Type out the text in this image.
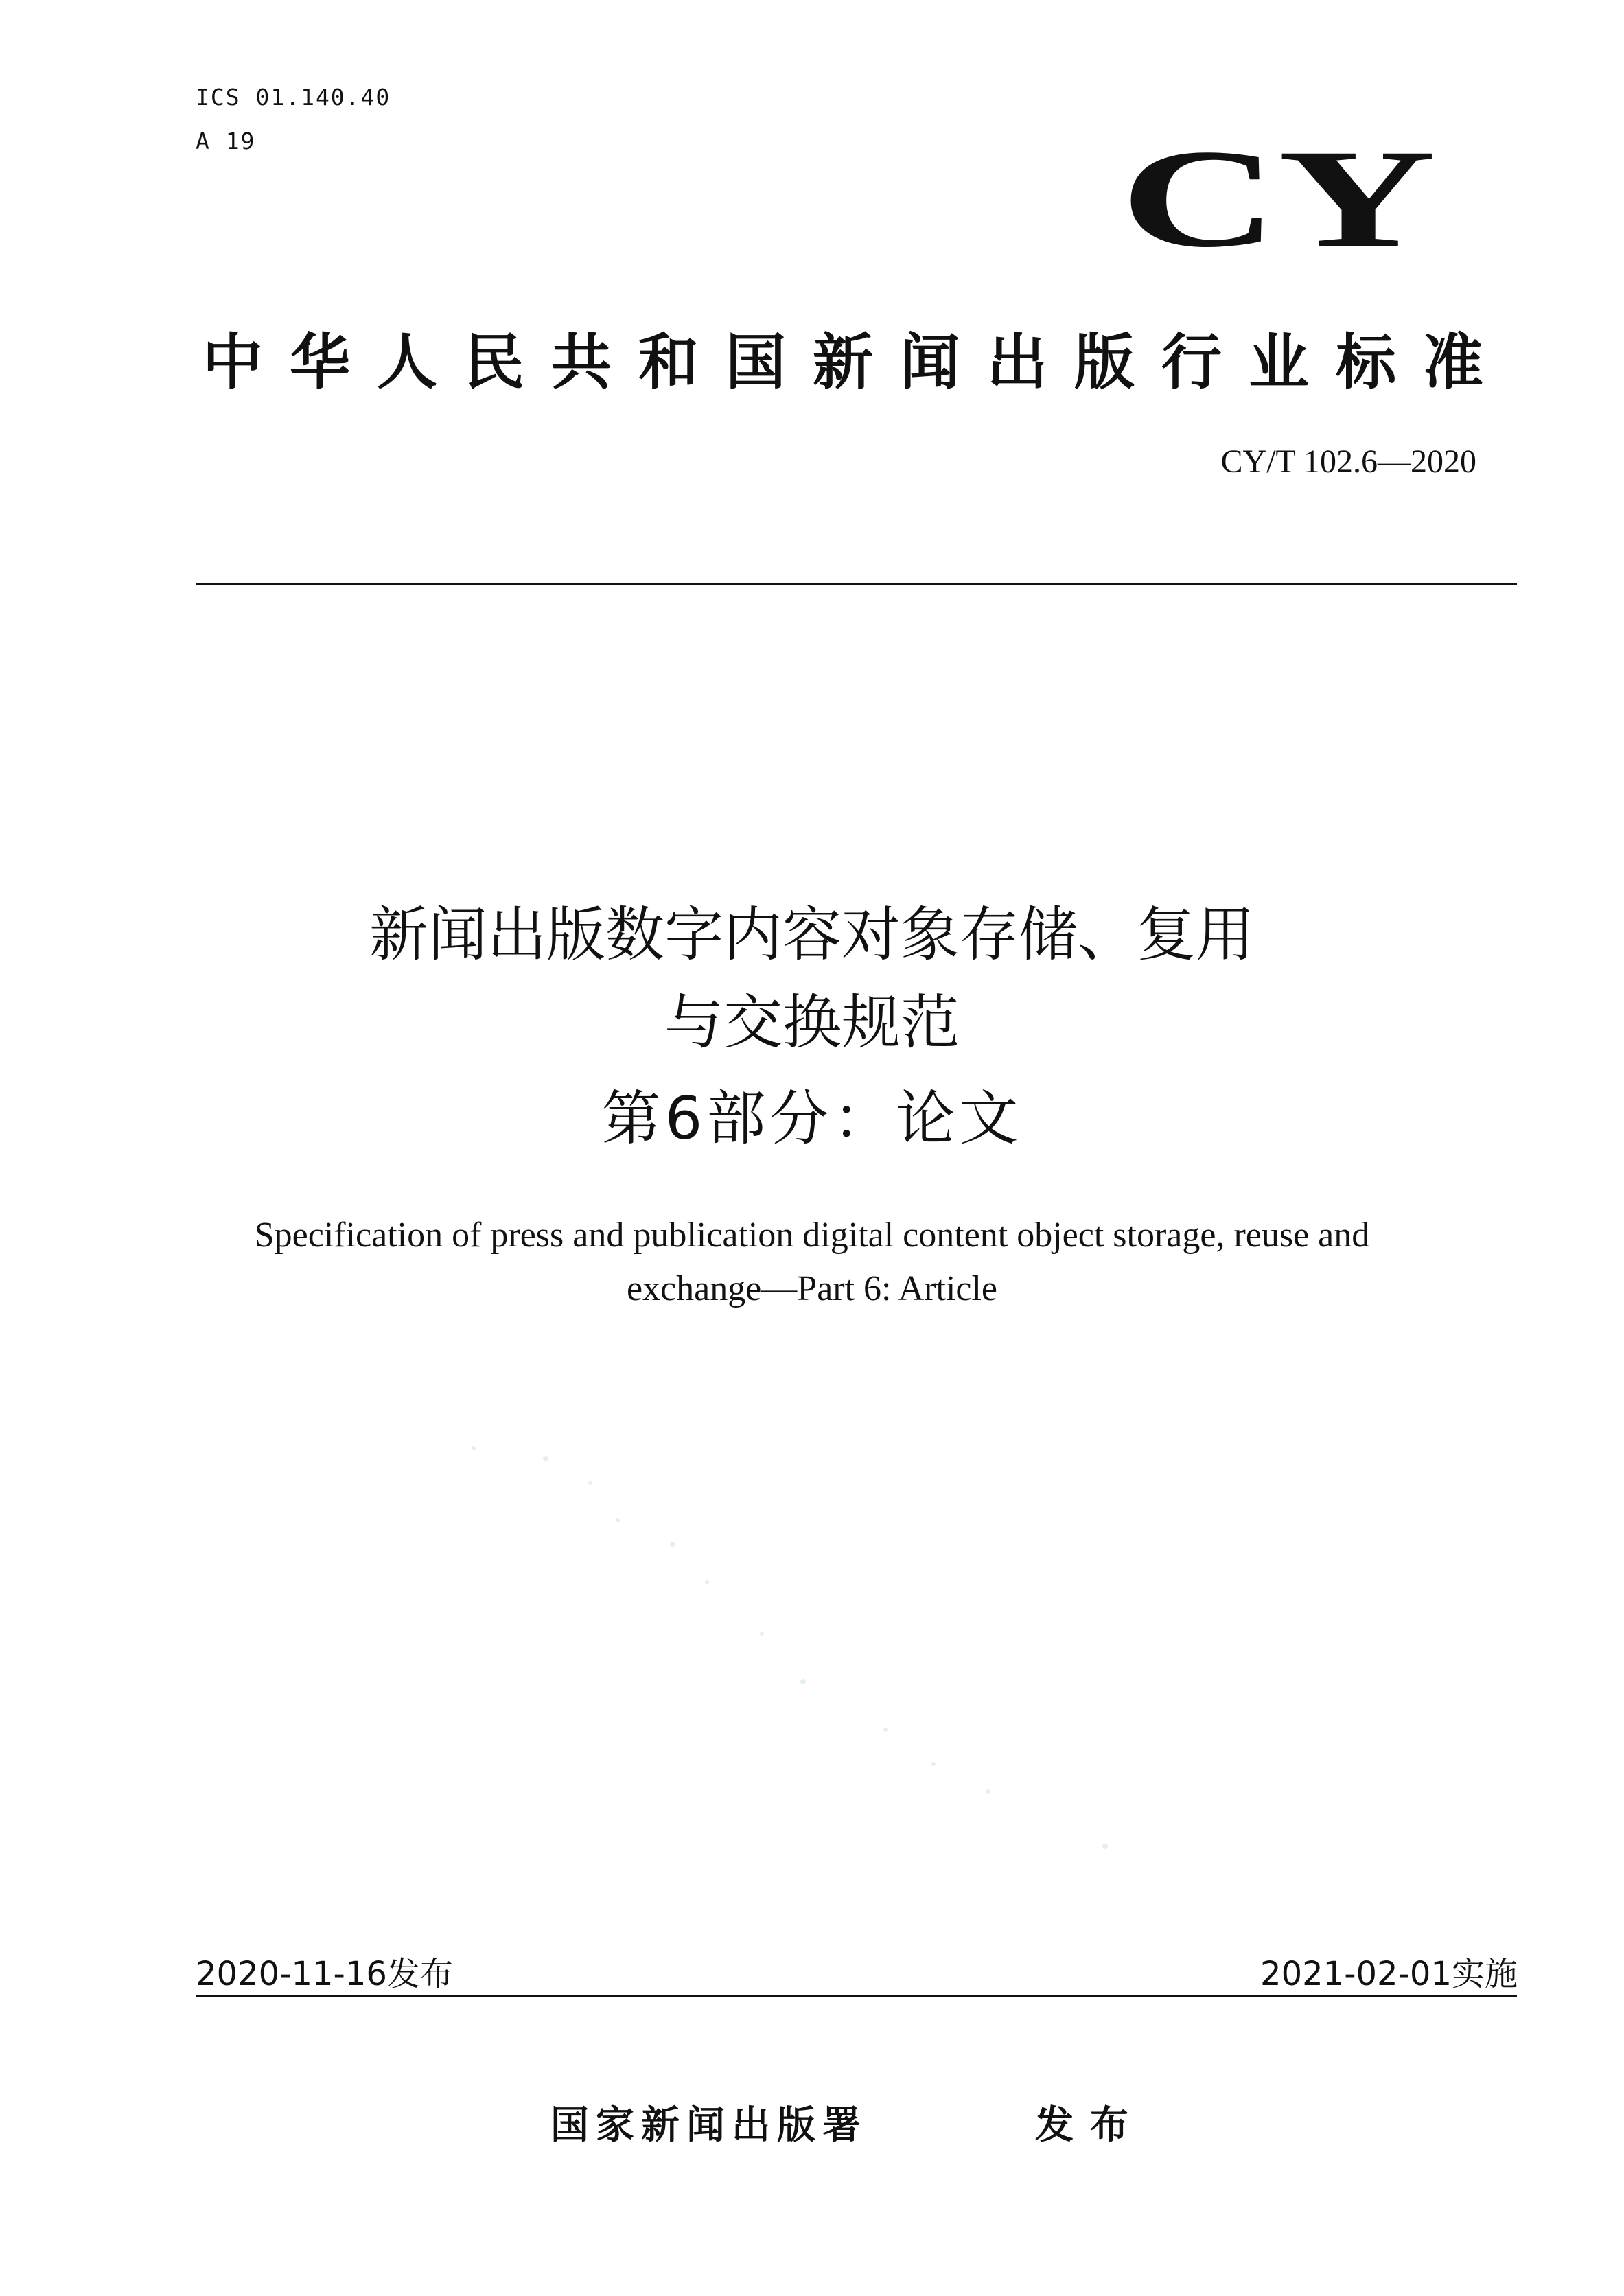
ICS 01.140.40
A 19	CY
中华人民共和国新闻出版行业标准
CY/T 102.6—2020
新闻出版数字内容对象存储、复用
与交换规范
第6部分：论文
Specification of press and publication digital content object storage, reuse and
exchange—Part 6: Article
2020-11-16发布	2021-02-01实施
国家新闻出版署	发布
